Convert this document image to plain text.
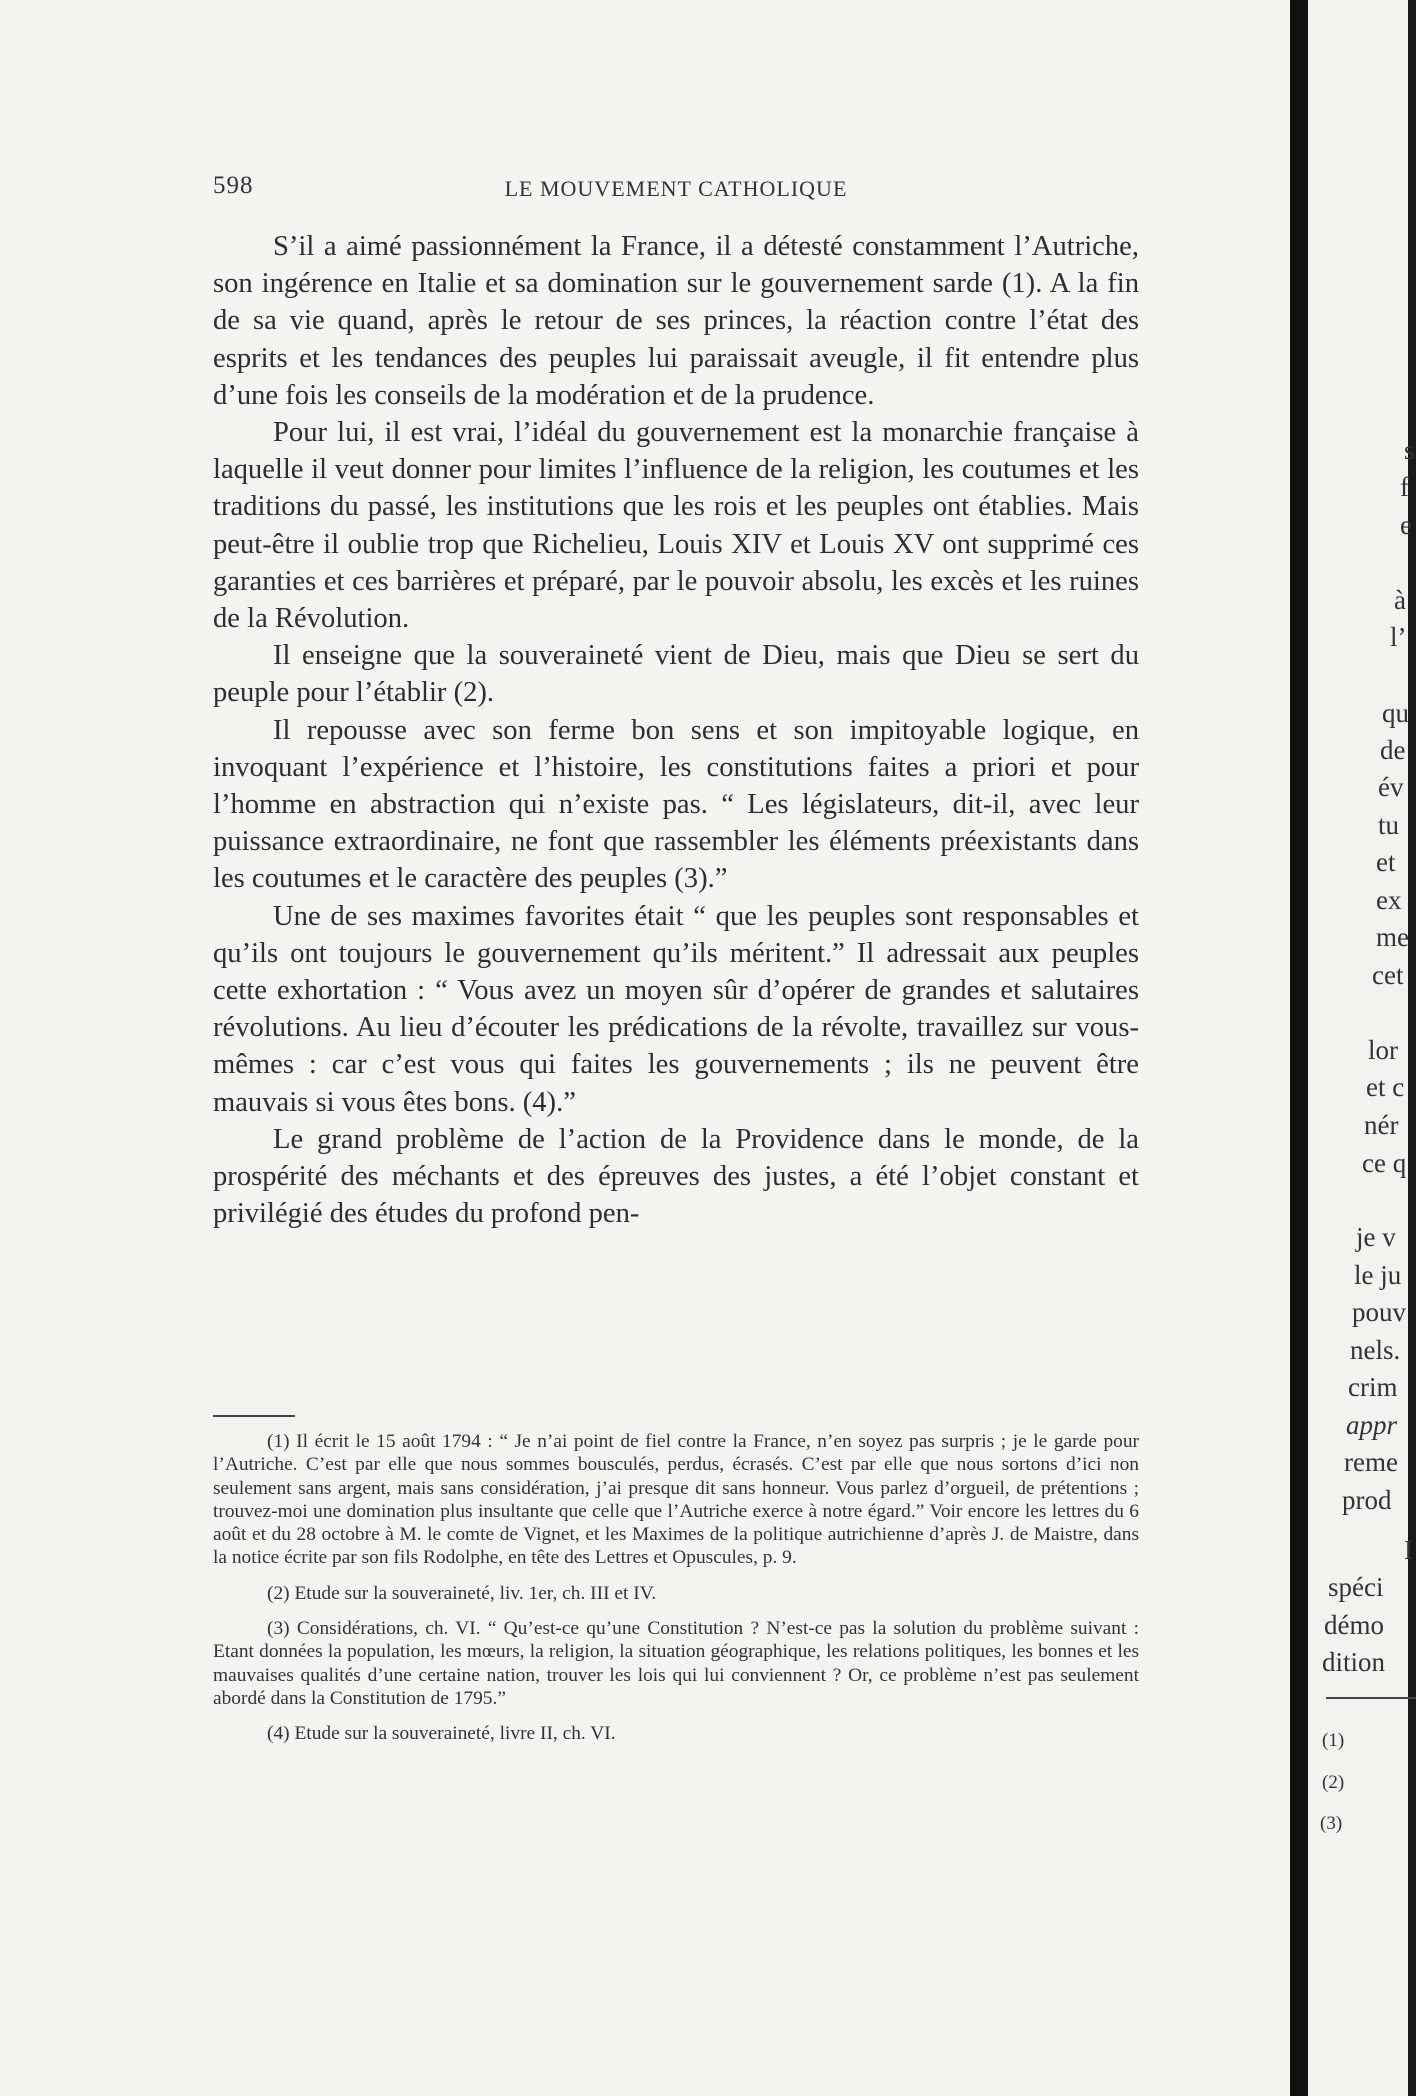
598	LE MOUVEMENT CATHOLIQUE

S’il a aimé passionnément la France, il a détesté constamment l’Autriche, son ingérence en Italie et sa domination sur le gouvernement sarde (1). A la fin de sa vie quand, après le retour de ses princes, la réaction contre l’état des esprits et les tendances des peuples lui paraissait aveugle, il fit entendre plus d’une fois les conseils de la modération et de la prudence.

Pour lui, il est vrai, l’idéal du gouvernement est la monarchie française à laquelle il veut donner pour limites l’influence de la religion, les coutumes et les traditions du passé, les institutions que les rois et les peuples ont établies. Mais peut-être il oublie trop que Richelieu, Louis XIV et Louis XV ont supprimé ces garanties et ces barrières et préparé, par le pouvoir absolu, les excès et les ruines de la Révolution.

Il enseigne que la souveraineté vient de Dieu, mais que Dieu se sert du peuple pour l’établir (2).

Il repousse avec son ferme bon sens et son impitoyable logique, en invoquant l’expérience et l’histoire, les constitutions faites a priori et pour l’homme en abstraction qui n’existe pas. “ Les législateurs, dit-il, avec leur puissance extraordinaire, ne font que rassembler les éléments préexistants dans les coutumes et le caractère des peuples (3).”

Une de ses maximes favorites était “ que les peuples sont responsables et qu’ils ont toujours le gouvernement qu’ils méritent.” Il adressait aux peuples cette exhortation : “ Vous avez un moyen sûr d’opérer de grandes et salutaires révolutions. Au lieu d’écouter les prédications de la révolte, travaillez sur vous-mêmes : car c’est vous qui faites les gouvernements ; ils ne peuvent être mauvais si vous êtes bons. (4).”

Le grand problème de l’action de la Providence dans le monde, de la prospérité des méchants et des épreuves des justes, a été l’objet constant et privilégié des études du profond pen-

(1) Il écrit le 15 août 1794 : “ Je n’ai point de fiel contre la France, n’en soyez pas surpris ; je le garde pour l’Autriche. C’est par elle que nous sommes bousculés, perdus, écrasés. C’est par elle que nous sortons d’ici non seulement sans argent, mais sans considération, j’ai presque dit sans honneur. Vous parlez d’orgueil, de prétentions ; trouvez-moi une domination plus insultante que celle que l’Autriche exerce à notre égard.” Voir encore les lettres du 6 août et du 28 octobre à M. le comte de Vignet, et les Maximes de la politique autrichienne d’après J. de Maistre, dans la notice écrite par son fils Rodolphe, en tête des Lettres et Opuscules, p. 9.

(2) Etude sur la souveraineté, liv. 1er, ch. III et IV.

(3) Considérations, ch. VI. “ Qu’est-ce qu’une Constitution ? N’est-ce pas la solution du problème suivant : Etant données la population, les mœurs, la religion, la situation géographique, les relations politiques, les bonnes et les mauvaises qualités d’une certaine nation, trouver les lois qui lui conviennent ? Or, ce problème n’est pas seulement abordé dans la Constitution de 1795.”

(4) Etude sur la souveraineté, livre II, ch. VI.

s
f
e
à
l’
qu
de
év
tu
et
ex
me
cet
lor
et c
nér
ce q
je v
le ju
pouv
nels.
crim
appr
reme
prod
I
spéci
démo
dition
(1)
(2)
(3)
